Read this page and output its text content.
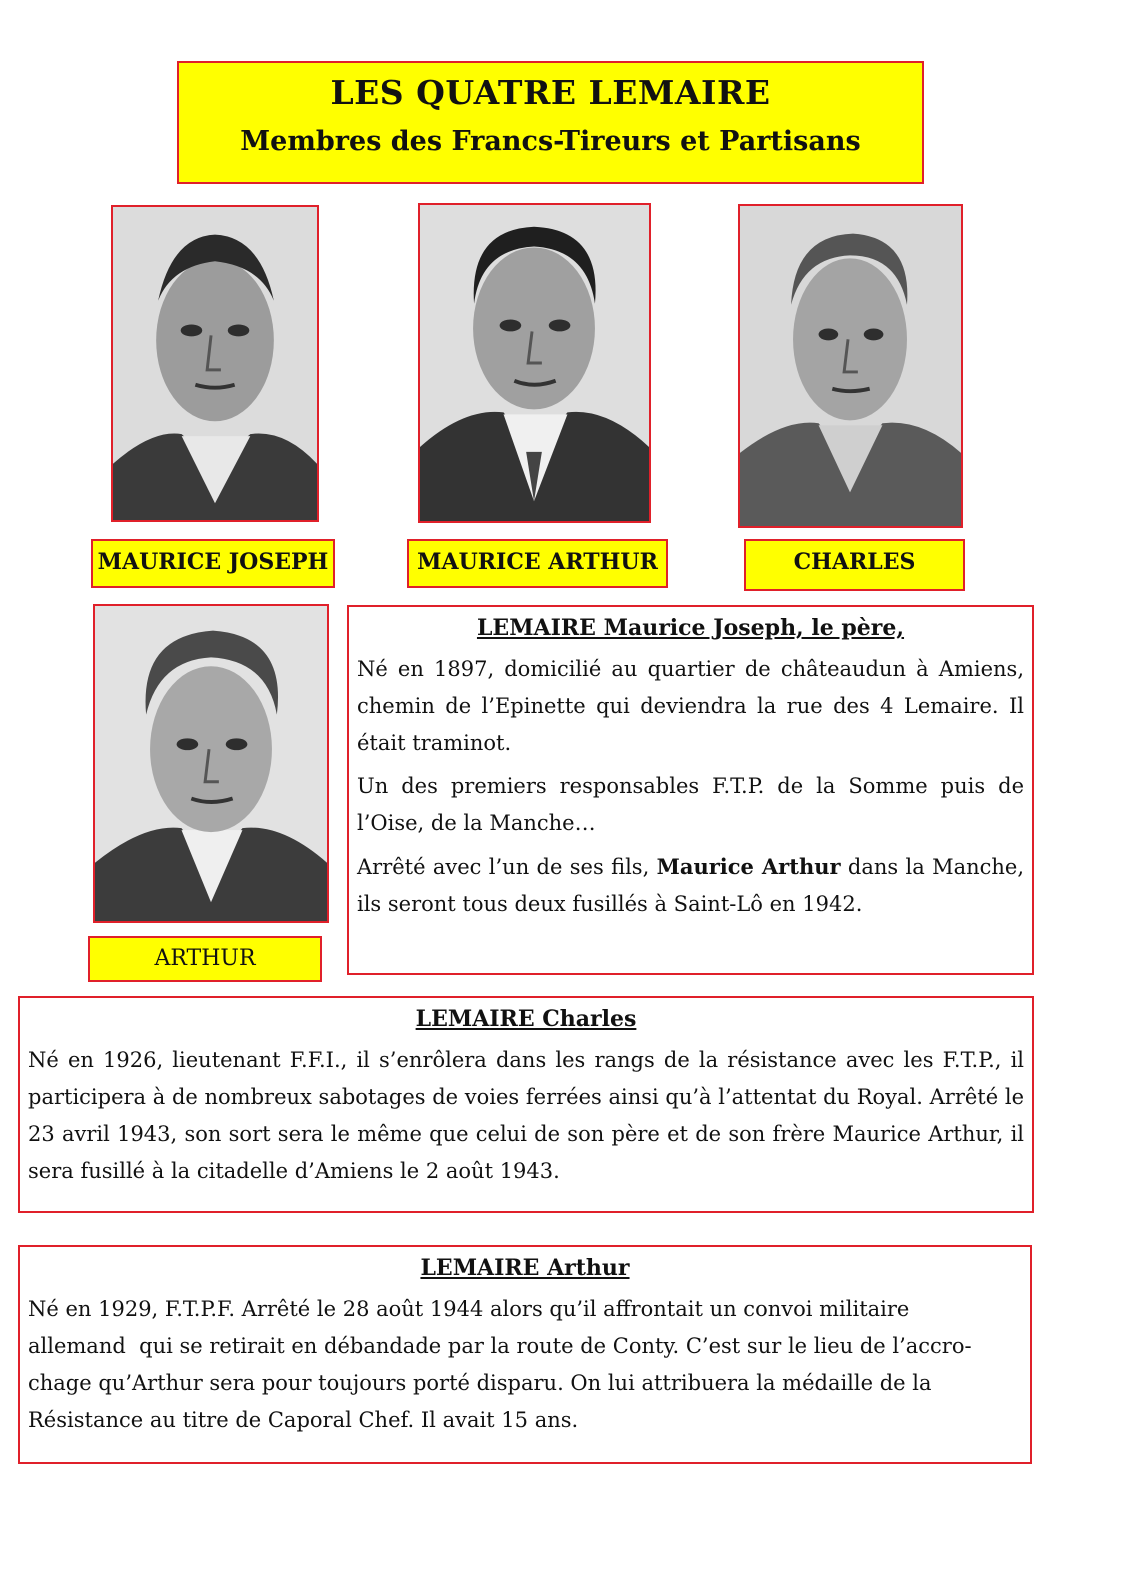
LES QUATRE LEMAIRE
Membres des Francs-Tireurs et Partisans
MAURICE JOSEPH	MAURICE ARTHUR	CHARLES
ARTHUR
LEMAIRE Maurice Joseph, le père,

Né en 1897, domicilié au quartier de châteaudun à Amiens, chemin de l’Epinette qui deviendra la rue des 4 Lemaire. Il était traminot.

Un des premiers responsables F.T.P. de la Somme puis de l’Oise, de la Manche…

Arrêté avec l’un de ses fils, Maurice Arthur dans la Manche, ils seront tous deux fusillés à Saint-Lô en 1942.

LEMAIRE Charles

Né en 1926, lieutenant F.F.I., il s’enrôlera dans les rangs de la résistance avec les F.T.P., il participera à de nombreux sabotages de voies ferrées ainsi qu’à l’attentat du Royal. Arrêté le 23 avril 1943, son sort sera le même que celui de son père et de son frère Maurice Arthur, il sera fusillé à la citadelle d’Amiens le 2 août 1943.

LEMAIRE Arthur
Né en 1929, F.T.P.F. Arrêté le 28 août 1944 alors qu’il affrontait un convoi militaire
allemand  qui se retirait en débandade par la route de Conty. C’est sur le lieu de l’accro-
chage qu’Arthur sera pour toujours porté disparu. On lui attribuera la médaille de la
Résistance au titre de Caporal Chef. Il avait 15 ans.
